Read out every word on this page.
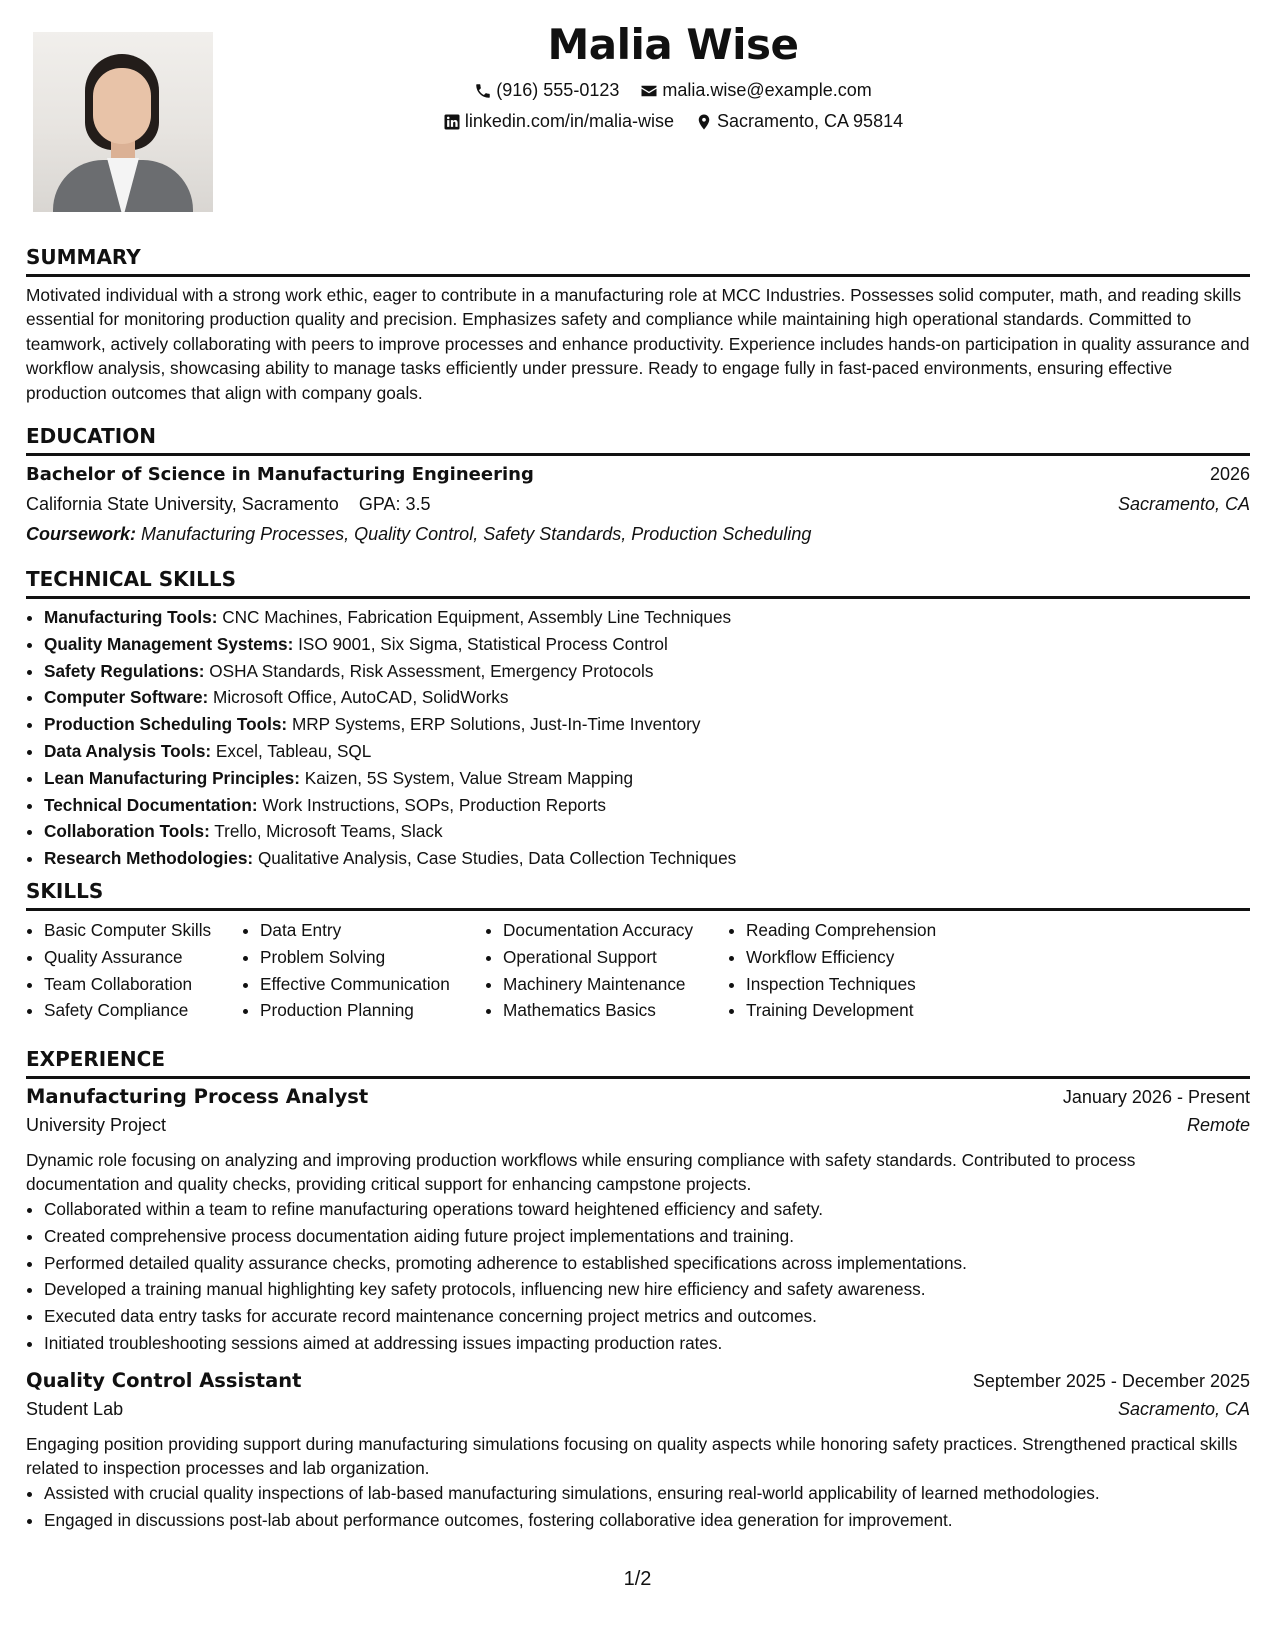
Malia Wise
(916) 555-0123
malia.wise@example.com
linkedin.com/in/malia-wise
Sacramento, CA 95814
SUMMARY
Motivated individual with a strong work ethic, eager to contribute in a manufacturing role at MCC Industries. Possesses solid computer, math, and reading skills essential for monitoring production quality and precision. Emphasizes safety and compliance while maintaining high operational standards. Committed to teamwork, actively collaborating with peers to improve processes and enhance productivity. Experience includes hands-on participation in quality assurance and workflow analysis, showcasing ability to manage tasks efficiently under pressure. Ready to engage fully in fast-paced environments, ensuring effective production outcomes that align with company goals.
EDUCATION
Bachelor of Science in Manufacturing Engineering	2026
California State University, Sacramento GPA: 3.5	Sacramento, CA
Coursework: Manufacturing Processes, Quality Control, Safety Standards, Production Scheduling
TECHNICAL SKILLS
• Manufacturing Tools: CNC Machines, Fabrication Equipment, Assembly Line Techniques
• Quality Management Systems: ISO 9001, Six Sigma, Statistical Process Control
• Safety Regulations: OSHA Standards, Risk Assessment, Emergency Protocols
• Computer Software: Microsoft Office, AutoCAD, SolidWorks
• Production Scheduling Tools: MRP Systems, ERP Solutions, Just-In-Time Inventory
• Data Analysis Tools: Excel, Tableau, SQL
• Lean Manufacturing Principles: Kaizen, 5S System, Value Stream Mapping
• Technical Documentation: Work Instructions, SOPs, Production Reports
• Collaboration Tools: Trello, Microsoft Teams, Slack
• Research Methodologies: Qualitative Analysis, Case Studies, Data Collection Techniques
SKILLS
• Basic Computer Skills
• Quality Assurance
• Team Collaboration
• Safety Compliance
• Data Entry
• Problem Solving
• Effective Communication
• Production Planning
• Documentation Accuracy
• Operational Support
• Machinery Maintenance
• Mathematics Basics
• Reading Comprehension
• Workflow Efficiency
• Inspection Techniques
• Training Development
EXPERIENCE
Manufacturing Process Analyst	January 2026 - Present
University Project	Remote
Dynamic role focusing on analyzing and improving production workflows while ensuring compliance with safety standards. Contributed to process documentation and quality checks, providing critical support for enhancing campstone projects.
• Collaborated within a team to refine manufacturing operations toward heightened efficiency and safety.
• Created comprehensive process documentation aiding future project implementations and training.
• Performed detailed quality assurance checks, promoting adherence to established specifications across implementations.
• Developed a training manual highlighting key safety protocols, influencing new hire efficiency and safety awareness.
• Executed data entry tasks for accurate record maintenance concerning project metrics and outcomes.
• Initiated troubleshooting sessions aimed at addressing issues impacting production rates.
Quality Control Assistant	September 2025 - December 2025
Student Lab	Sacramento, CA
Engaging position providing support during manufacturing simulations focusing on quality aspects while honoring safety practices. Strengthened practical skills related to inspection processes and lab organization.
• Assisted with crucial quality inspections of lab-based manufacturing simulations, ensuring real-world applicability of learned methodologies.
• Engaged in discussions post-lab about performance outcomes, fostering collaborative idea generation for improvement.
1/2
